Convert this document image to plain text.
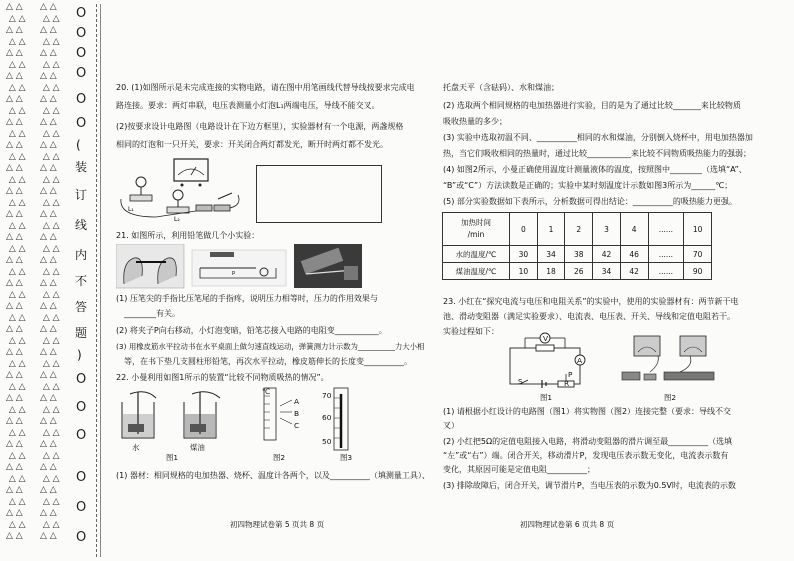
△ △
△ △
△ △
△ △
△ △
△ △
△ △
△ △
△ △
△ △
△ △
△ △
△ △
△ △
△ △
△ △
△ △
△ △
△ △
△ △
△ △
△ △
△ △
△ △
△ △
△ △
△ △
△ △
△ △
△ △
△ △
△ △
△ △
△ △
△ △
△ △
△ △
△ △
△ △
△ △
△ △
△ △
△ △
△ △
△ △
△ △
△ △
△ △
△ △
△ △
△ △
△ △
△ △
△ △
△ △
△ △
△ △
△ △
△ △
△ △
△ △
△ △
△ △
△ △
△ △
△ △
△ △
△ △
△ △
△ △
△ △
△ △
△ △
△ △
△ △
△ △
△ △
△ △
△ △
△ △
△ △
△ △
△ △
△ △
△ △
△ △
△ △
△ △
△ △
△ △
△ △
△ △
△ △
△ △
O
O
O
O
O
O
(
装
订
线
内
不
答
题
)
O
O
O
O
O
O
20. (1)如图所示是未完成连接的实物电路，请在图中用笔画线代替导线按要求完成电
路连接。要求：两灯串联，电压表测量小灯泡L₁两端电压，导线不能交叉。
(2)按要求设计电路图（电路设计在下边方框里），实验器材有一个电源，两盏规格
相同的灯泡和一只开关，要求：开关闭合两灯都发光，断开时两灯都不发光。
L₁
L₂
21. 如图所示，利用铅笔做几个小实验：
p
(1) 压笔尖的手指比压笔尾的手指疼，说明压力相等时，压力的作用效果与
________有关。
(2) 将夹子P向右移动，小灯泡变暗，铅笔芯接入电路的电阻变___________。
(3) 用橡皮筋水平拉动书在水平桌面上做匀速直线运动，弹簧测力计示数为__________力大小相
等，在书下垫几支圆柱形铅笔，再次水平拉动，橡皮筋伸长的长度变__________。
22. 小曼利用如图1所示的装置“比较不同物质吸热的情况”。
水	煤油
图1	图2	图3
℃
A
B
C
70
60
50
(1) 器材：相同规格的电加热器、烧杯、温度计各两个，以及__________（填测量工具）、
初四物理试卷第 5 页共 8 页
托盘天平（含砝码）、水和煤油；
(2) 选取两个相同规格的电加热器进行实验，目的是为了通过比较_______来比较物质
吸收热量的多少；
(3) 实验中选取初温不同、__________相同的水和煤油，分别倒入烧杯中，用电加热器加
热，当它们吸收相同的热量时，通过比较___________来比较不同物质吸热能力的强弱；
(4) 如图2所示，小曼正确使用温度计测量液体的温度，按照图中________（选填“A”、
“B”或“C”）方法读数是正确的；实验中某时刻温度计示数如图3所示为______℃；
(5) 部分实验数据如下表所示，分析数据可得出结论：__________的吸热能力更强。
加热时间
/min	0	1	2	3	4	......	10
水的温度/℃	30	34	38	42	46	......	70
煤油温度/℃	10	18	26	34	42	......	90
23. 小红在“探究电流与电压和电阻关系”的实验中，使用的实验器材有：两节新干电
池、滑动变阻器（满足实验要求）、电流表、电压表、开关、导线和定值电阻若干。
实验过程如下：
V
A
S
P
R
图1	图2
(1) 请根据小红设计的电路图（图1）将实物图（图2）连接完整（要求：导线不交
叉）
(2) 小红把5Ω的定值电阻接入电路，将滑动变阻器的滑片调至最__________（选填
“左”或“右”）端。闭合开关，移动滑片P，发现电压表示数无变化，电流表示数有
变化，其原因可能是定值电阻__________；
(3) 排除故障后，闭合开关，调节滑片P，当电压表的示数为0.5V时，电流表的示数
初四物理试卷第 6 页共 8 页
